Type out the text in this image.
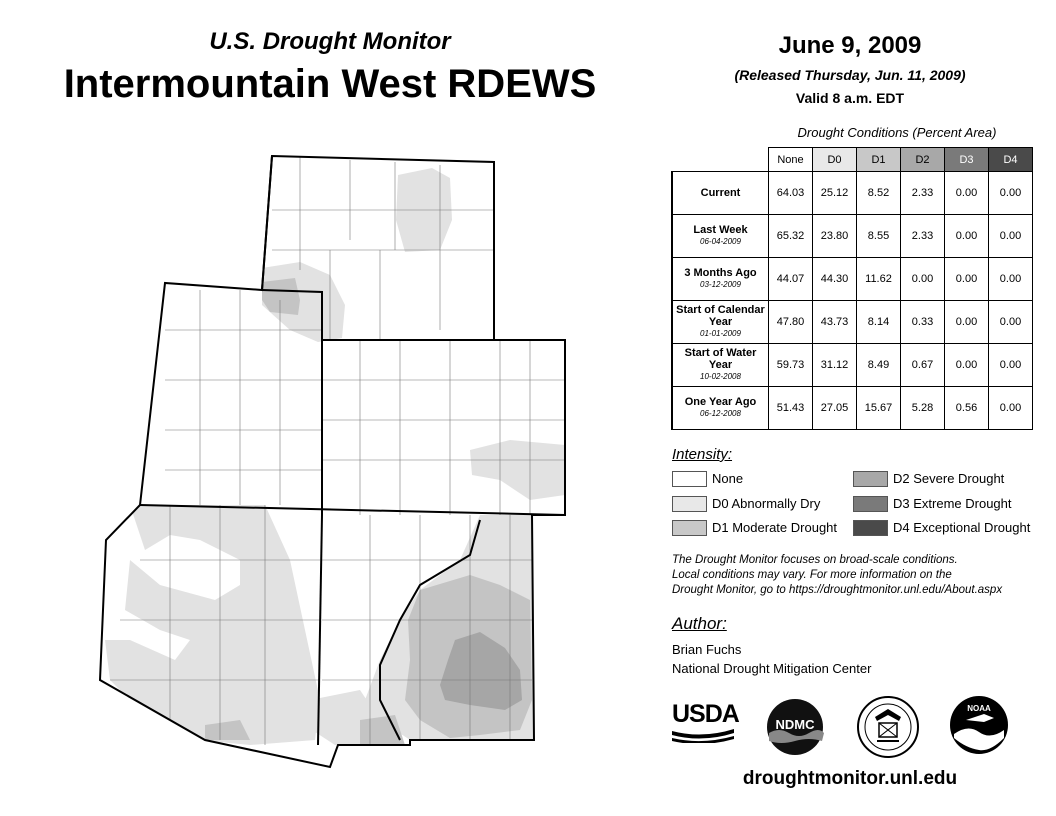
U.S. Drought Monitor
Intermountain West RDEWS
June 9, 2009
(Released Thursday, Jun. 11, 2009)
Valid 8 a.m. EDT
Drought Conditions (Percent Area)
	None	D0	D1	D2	D3	D4
Current	64.03	25.12	8.52	2.33	0.00	0.00
Last Week
06-04-2009	65.32	23.80	8.55	2.33	0.00	0.00
3 Months Ago
03-12-2009	44.07	44.30	11.62	0.00	0.00	0.00
Start of Calendar Year
01-01-2009	47.80	43.73	8.14	0.33	0.00	0.00
Start of Water Year
10-02-2008	59.73	31.12	8.49	0.67	0.00	0.00
One Year Ago
06-12-2008	51.43	27.05	15.67	5.28	0.56	0.00
Intensity:
None
D0 Abnormally Dry
D1 Moderate Drought
D2 Severe Drought
D3 Extreme Drought
D4 Exceptional Drought
The Drought Monitor focuses on broad-scale conditions.
Local conditions may vary. For more information on the
Drought Monitor, go to https://droughtmonitor.unl.edu/About.aspx
Author:
Brian Fuchs
National Drought Mitigation Center
USDA	NDMC
NOAA
droughtmonitor.unl.edu
